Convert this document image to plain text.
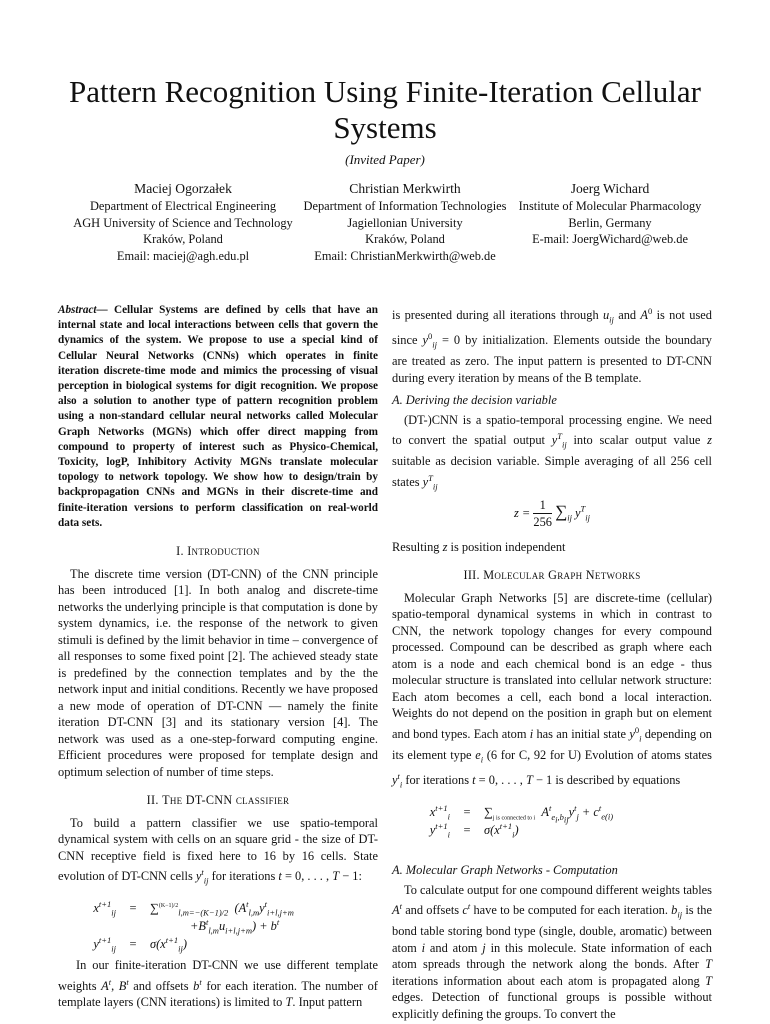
Pattern Recognition Using Finite-Iteration Cellular Systems
(Invited Paper)
Maciej Ogorzałek
Department of Electrical Engineering
AGH University of Science and Technology
Kraków, Poland
Email: maciej@agh.edu.pl
Christian Merkwirth
Department of Information Technologies
Jagiellonian University
Kraków, Poland
Email: ChristianMerkwirth@web.de
Joerg Wichard
Institute of Molecular Pharmacology
Berlin, Germany
E-mail: JoergWichard@web.de
Abstract— Cellular Systems are defined by cells that have an internal state and local interactions between cells that govern the dynamics of the system. We propose to use a special kind of Cellular Neural Networks (CNNs) which operates in finite iteration discrete-time mode and mimics the processing of visual perception in biological systems for digit recognition. We propose also a solution to another type of pattern recognition problem using a non-standard cellular neural networks called Molecular Graph Networks (MGNs) which offer direct mapping from compound to property of interest such as Physico-Chemical, Toxicity, logP, Inhibitory Activity MGNs translate molecular topology to network topology. We show how to design/train by backpropagation CNNs and MGNs in their discrete-time and finite-iteration versions to perform classification on real-world data sets.
I. Introduction

The discrete time version (DT-CNN) of the CNN principle has been introduced [1]. In both analog and discrete-time networks the underlying principle is that computation is done by system dynamics, i.e. the response of the network to given stimuli is defined by the limit behavior in time – convergence of all responses to some fixed point [2]. The achieved steady state is predefined by the connection templates and by the the network input and initial conditions. Recently we have proposed a new mode of operation of DT-CNN — namely the finite iteration DT-CNN [3] and its stationary version [4]. The network was used as a one-step-forward computing engine. Efficient procedures were proposed for template design and optimum selection of number of time steps.

II. The DT-CNN classifier

To build a pattern classifier we use spatio-temporal dynamical system with cells on an square grid - the size of DT-CNN receptive field is fixed here to 16 by 16 cells. State evolution of DT-CNN cells $y^t_{ij}$ for iterations t = 0, . . . , T − 1:

$x^{t+1}_{ij}$	=	∑$^{(K-1)/2}_{l,m=-(K-1)/2}$  ($A^t_{l,m}y^t_{i+l,j+m}$
$+B^t_{l,m}u_{i+l,j+m}) + b^t$
$y^{t+1}_{ij}$	=	$\sigma(x^{t+1}_{ij})$

In our finite-iteration DT-CNN we use different template weights $A^t$, $B^t$ and offsets $b^t$ for each iteration. The number of template layers (CNN iterations) is limited to T. Input pattern

is presented during all iterations through $u_{ij}$ and $A^0$ is not used since $y^0_{ij} = 0$ by initialization. Elements outside the boundary are treated as zero. The input pattern is presented to DT-CNN during every iteration by means of the B template.

A. Deriving the decision variable

(DT-)CNN is a spatio-temporal processing engine. We need to convert the spatial output $y^T_{ij}$ into scalar output value z suitable as decision variable. Simple averaging of all 256 cell states $y^T_{ij}$

$z = \frac{1}{256} \sum_{ij}$ $y^T_{ij}$

Resulting z is position independent

III. Molecular Graph Networks

Molecular Graph Networks [5] are discrete-time (cellular) spatio-temporal dynamical systems in which in contrast to CNN, the network topology changes for every compound processed. Compound can be described as graph where each atom is a node and each chemical bond is an edge - thus molecular structure is translated into cellular network structure: Each atom becomes a cell, each bond a local interaction. Weights do not depend on the position in graph but on element and bond types. Each atom i has an initial state $y^0_i$ depending on its element type $e_i$ (6 for C, 92 for U) Evolution of atoms states $y^t_i$ for iterations t = 0, . . . , T − 1 is described by equations

$x^{t+1}_i$	=	$\sum_{j is connected to i}$  $A^t_{e_i,b_{ij}}y^t_j + c^t_{e(i)}$
$y^{t+1}_i$	=	$\sigma(x^{t+1}_i)$
A. Molecular Graph Networks - Computation

To calculate output for one compound different weights tables $A^t$ and offsets $c^t$ have to be computed for each iteration. $b_{ij}$ is the bond table storing bond type (single, double, aromatic) between atom i and atom j in this molecule. State information of each atom spreads through the network along the bonds. After T iterations information about each atom is propagated along T edges. Detection of functional groups is possible without explicitly defining the groups. To convert the
